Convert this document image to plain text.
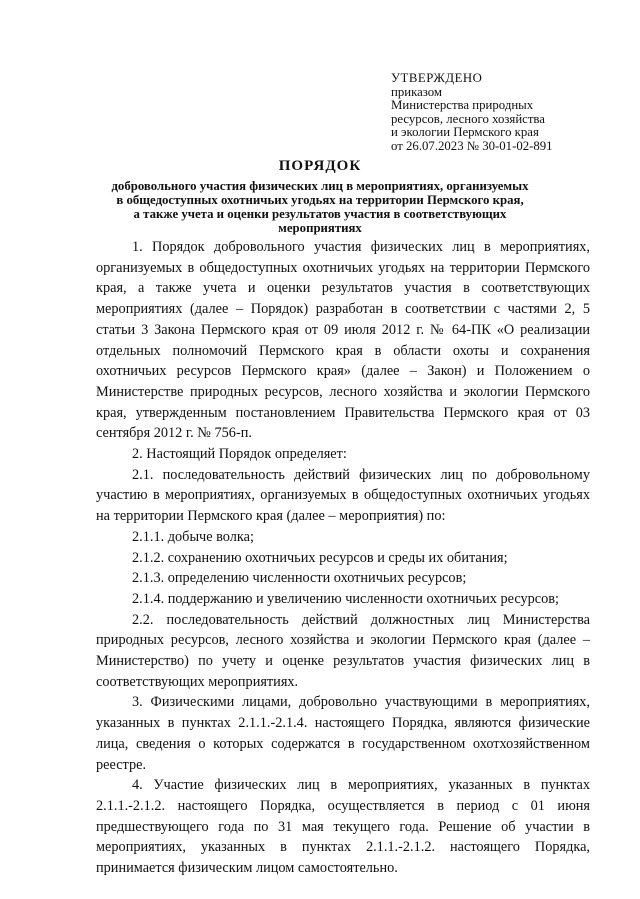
УТВЕРЖДЕНО
приказом
Министерства природных
ресурсов, лесного хозяйства
и экологии Пермского края
от 26.07.2023 № 30-01-02-891
ПОРЯДОК
добровольного участия физических лиц в мероприятиях, организуемых
в общедоступных охотничьих угодьях на территории Пермского края,
а также учета и оценки результатов участия в соответствующих
мероприятиях

1. Порядок добровольного участия физических лиц в мероприятиях, организуемых в общедоступных охотничьих угодьях на территории Пермского края, а также учета и оценки результатов участия в соответствующих мероприятиях (далее – Порядок) разработан в соответствии с частями 2, 5 статьи 3 Закона Пермского края от 09 июля 2012 г. № 64-ПК «О реализации отдельных полномочий Пермского края в области охоты и сохранения охотничьих ресурсов Пермского края» (далее – Закон) и Положением о Министерстве природных ресурсов, лесного хозяйства и экологии Пермского края, утвержденным постановлением Правительства Пермского края от 03 сентября 2012 г. № 756-п.

2. Настоящий Порядок определяет:

2.1. последовательность действий физических лиц по добровольному участию в мероприятиях, организуемых в общедоступных охотничьих угодьях на территории Пермского края (далее – мероприятия) по:

2.1.1. добыче волка;

2.1.2. сохранению охотничьих ресурсов и среды их обитания;

2.1.3. определению численности охотничьих ресурсов;

2.1.4. поддержанию и увеличению численности охотничьих ресурсов;

2.2. последовательность действий должностных лиц Министерства природных ресурсов, лесного хозяйства и экологии Пермского края (далее – Министерство) по учету и оценке результатов участия физических лиц в соответствующих мероприятиях.

3. Физическими лицами, добровольно участвующими в мероприятиях, указанных в пунктах 2.1.1.-2.1.4. настоящего Порядка, являются физические лица, сведения о которых содержатся в государственном охотхозяйственном реестре.

4. Участие физических лиц в мероприятиях, указанных в пунктах 2.1.1.-2.1.2. настоящего Порядка, осуществляется в период с 01 июня предшествующего года по 31 мая текущего года. Решение об участии в мероприятиях, указанных в пунктах 2.1.1.-2.1.2. настоящего Порядка, принимается физическим лицом самостоятельно.
